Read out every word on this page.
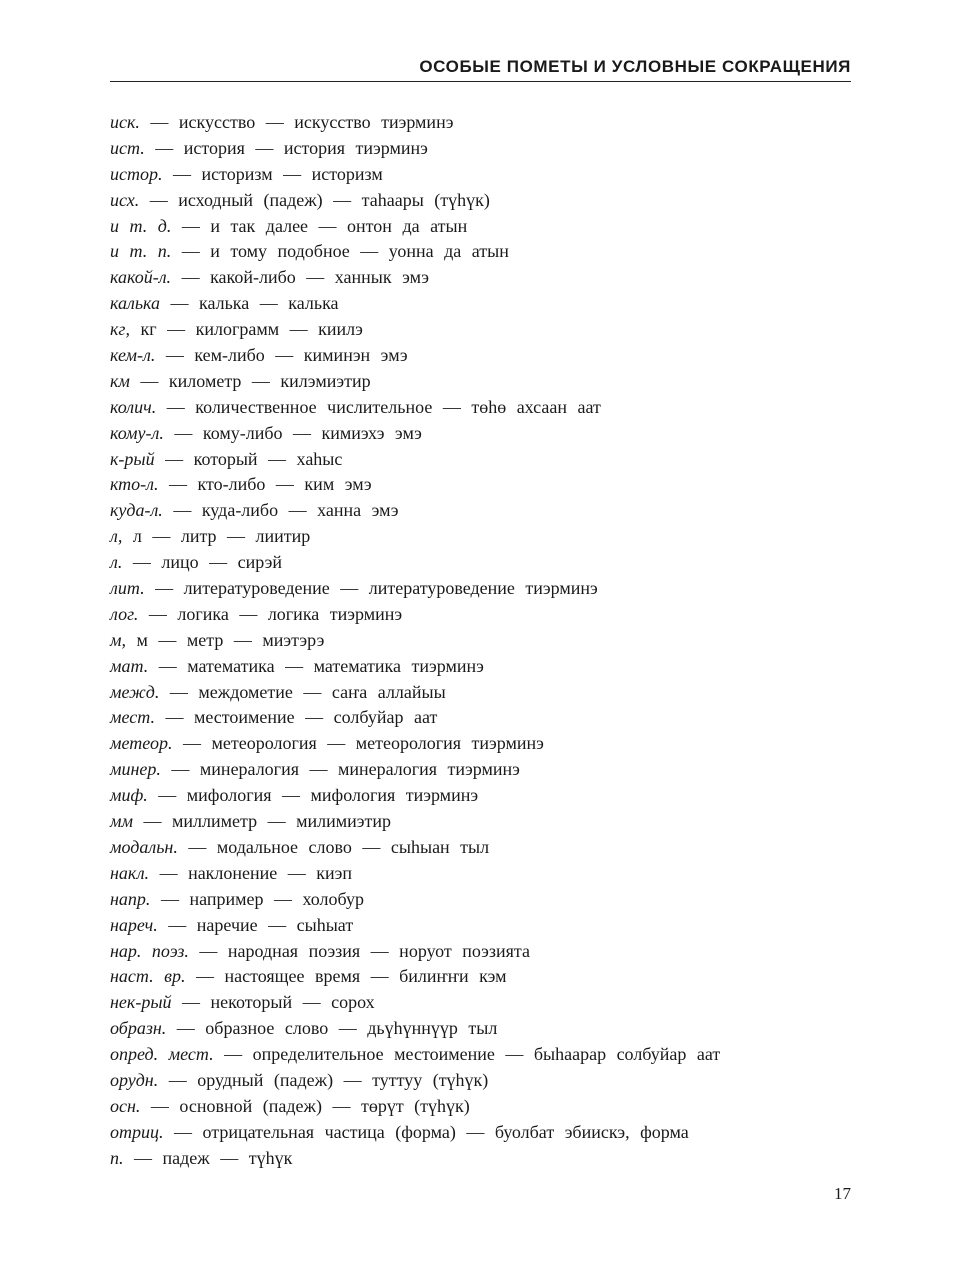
ОСОБЫЕ ПОМЕТЫ И УСЛОВНЫЕ СОКРАЩЕНИЯ
иск. — искусство — искусство тиэрминэ
ист. — история — история тиэрминэ
истор. — историзм — историзм
исх. — исходный (падеж) — таhаары (түhүк)
и т. д. — и так далее — онтон да атын
и т. п. — и тому подобное — уонна да атын
какой-л. — какой-либо — ханнык эмэ
калька — калька — калька
кг, кг — килограмм — киилэ
кем-л. — кем-либо — киминэн эмэ
км — километр — килэмиэтир
колич. — количественное числительное — төhө ахсаан аат
кому-л. — кому-либо — кимиэхэ эмэ
к-рый — который — хаhыс
кто-л. — кто-либо — ким эмэ
куда-л. — куда-либо — ханна эмэ
л, л — литр — лиитир
л. — лицо — сирэй
лит. — литературоведение — литературоведение тиэрминэ
лог. — логика — логика тиэрминэ
м, м — метр — миэтэрэ
мат. — математика — математика тиэрминэ
межд. — междометие — саҥа аллайыы
мест. — местоимение — солбуйар аат
метеор. — метеорология — метеорология тиэрминэ
минер. — минералогия — минералогия тиэрминэ
миф. — мифология — мифология тиэрминэ
мм — миллиметр — милимиэтир
модальн. — модальное слово — сыhыан тыл
накл. — наклонение — киэп
напр. — например — холобур
нареч. — наречие — сыhыат
нар. поэз. — народная поэзия — норуот поэзията
наст. вр. — настоящее время — билиҥҥи кэм
нек-рый — некоторый — сорох
образн. — образное слово — дьүhүннүүр тыл
опред. мест. — определительное местоимение — быhаарар солбуйар аат
орудн. — орудный (падеж) — туттуу (түhүк)
осн. — основной (падеж) — төрүт (түhүк)
отриц. — отрицательная частица (форма) — буолбат эбиискэ, форма
п. — падеж — түhүк
17
